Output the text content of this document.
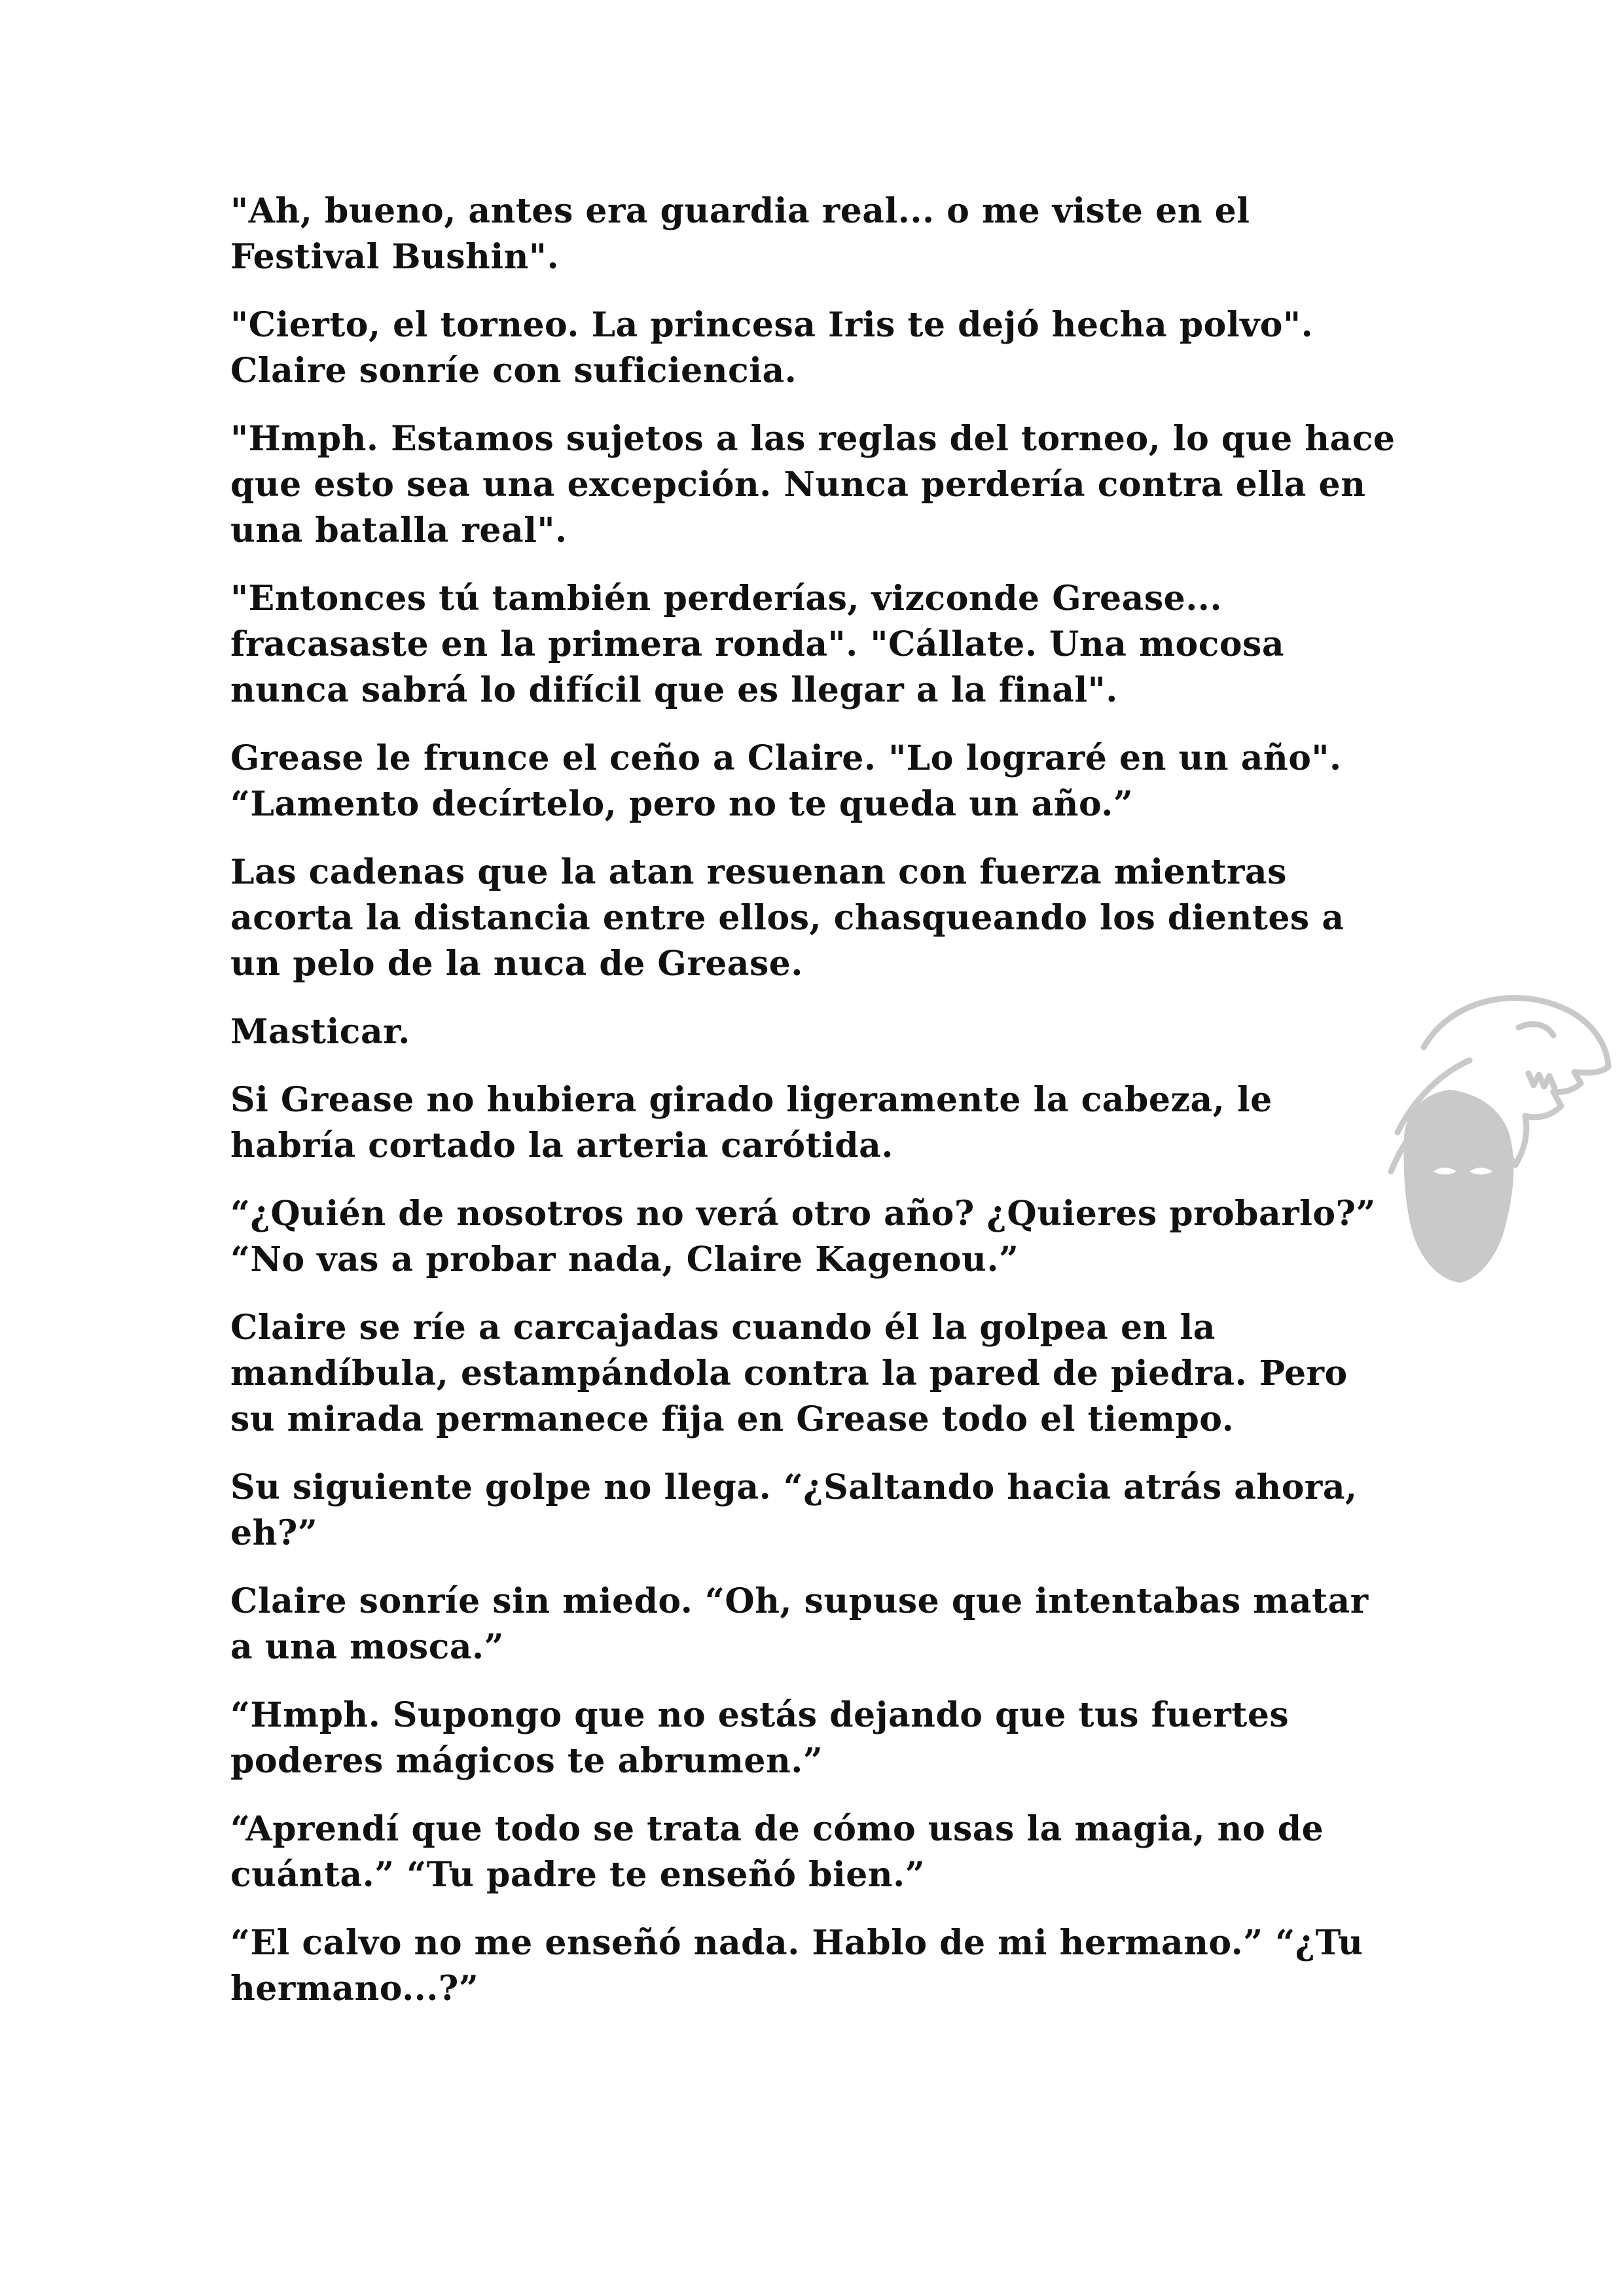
"Ah, bueno, antes era guardia real... o me viste en el Festival Bushin".

"Cierto, el torneo. La princesa Iris te dejó hecha polvo". Claire sonríe con suficiencia.

"Hmph. Estamos sujetos a las reglas del torneo, lo que hace que esto sea una excepción. Nunca perdería contra ella en una batalla real".

"Entonces tú también perderías, vizconde Grease... fracasaste en la primera ronda". "Cállate. Una mocosa nunca sabrá lo difícil que es llegar a la final".

Grease le frunce el ceño a Claire. "Lo lograré en un año". “Lamento decírtelo, pero no te queda un año.”

Las cadenas que la atan resuenan con fuerza mientras acorta la distancia entre ellos, chasqueando los dientes a un pelo de la nuca de Grease.

Masticar.

Si Grease no hubiera girado ligeramente la cabeza, le habría cortado la arteria carótida.

“¿Quién de nosotros no verá otro año? ¿Quieres probarlo?” “No vas a probar nada, Claire Kagenou.”

Claire se ríe a carcajadas cuando él la golpea en la mandíbula, estampándola contra la pared de piedra. Pero su mirada permanece fija en Grease todo el tiempo.

Su siguiente golpe no llega. “¿Saltando hacia atrás ahora, eh?”

Claire sonríe sin miedo. “Oh, supuse que intentabas matar a una mosca.”

“Hmph. Supongo que no estás dejando que tus fuertes poderes mágicos te abrumen.”

“Aprendí que todo se trata de cómo usas la magia, no de cuánta.” “Tu padre te enseñó bien.”

“El calvo no me enseñó nada. Hablo de mi hermano.” “¿Tu hermano...?”
